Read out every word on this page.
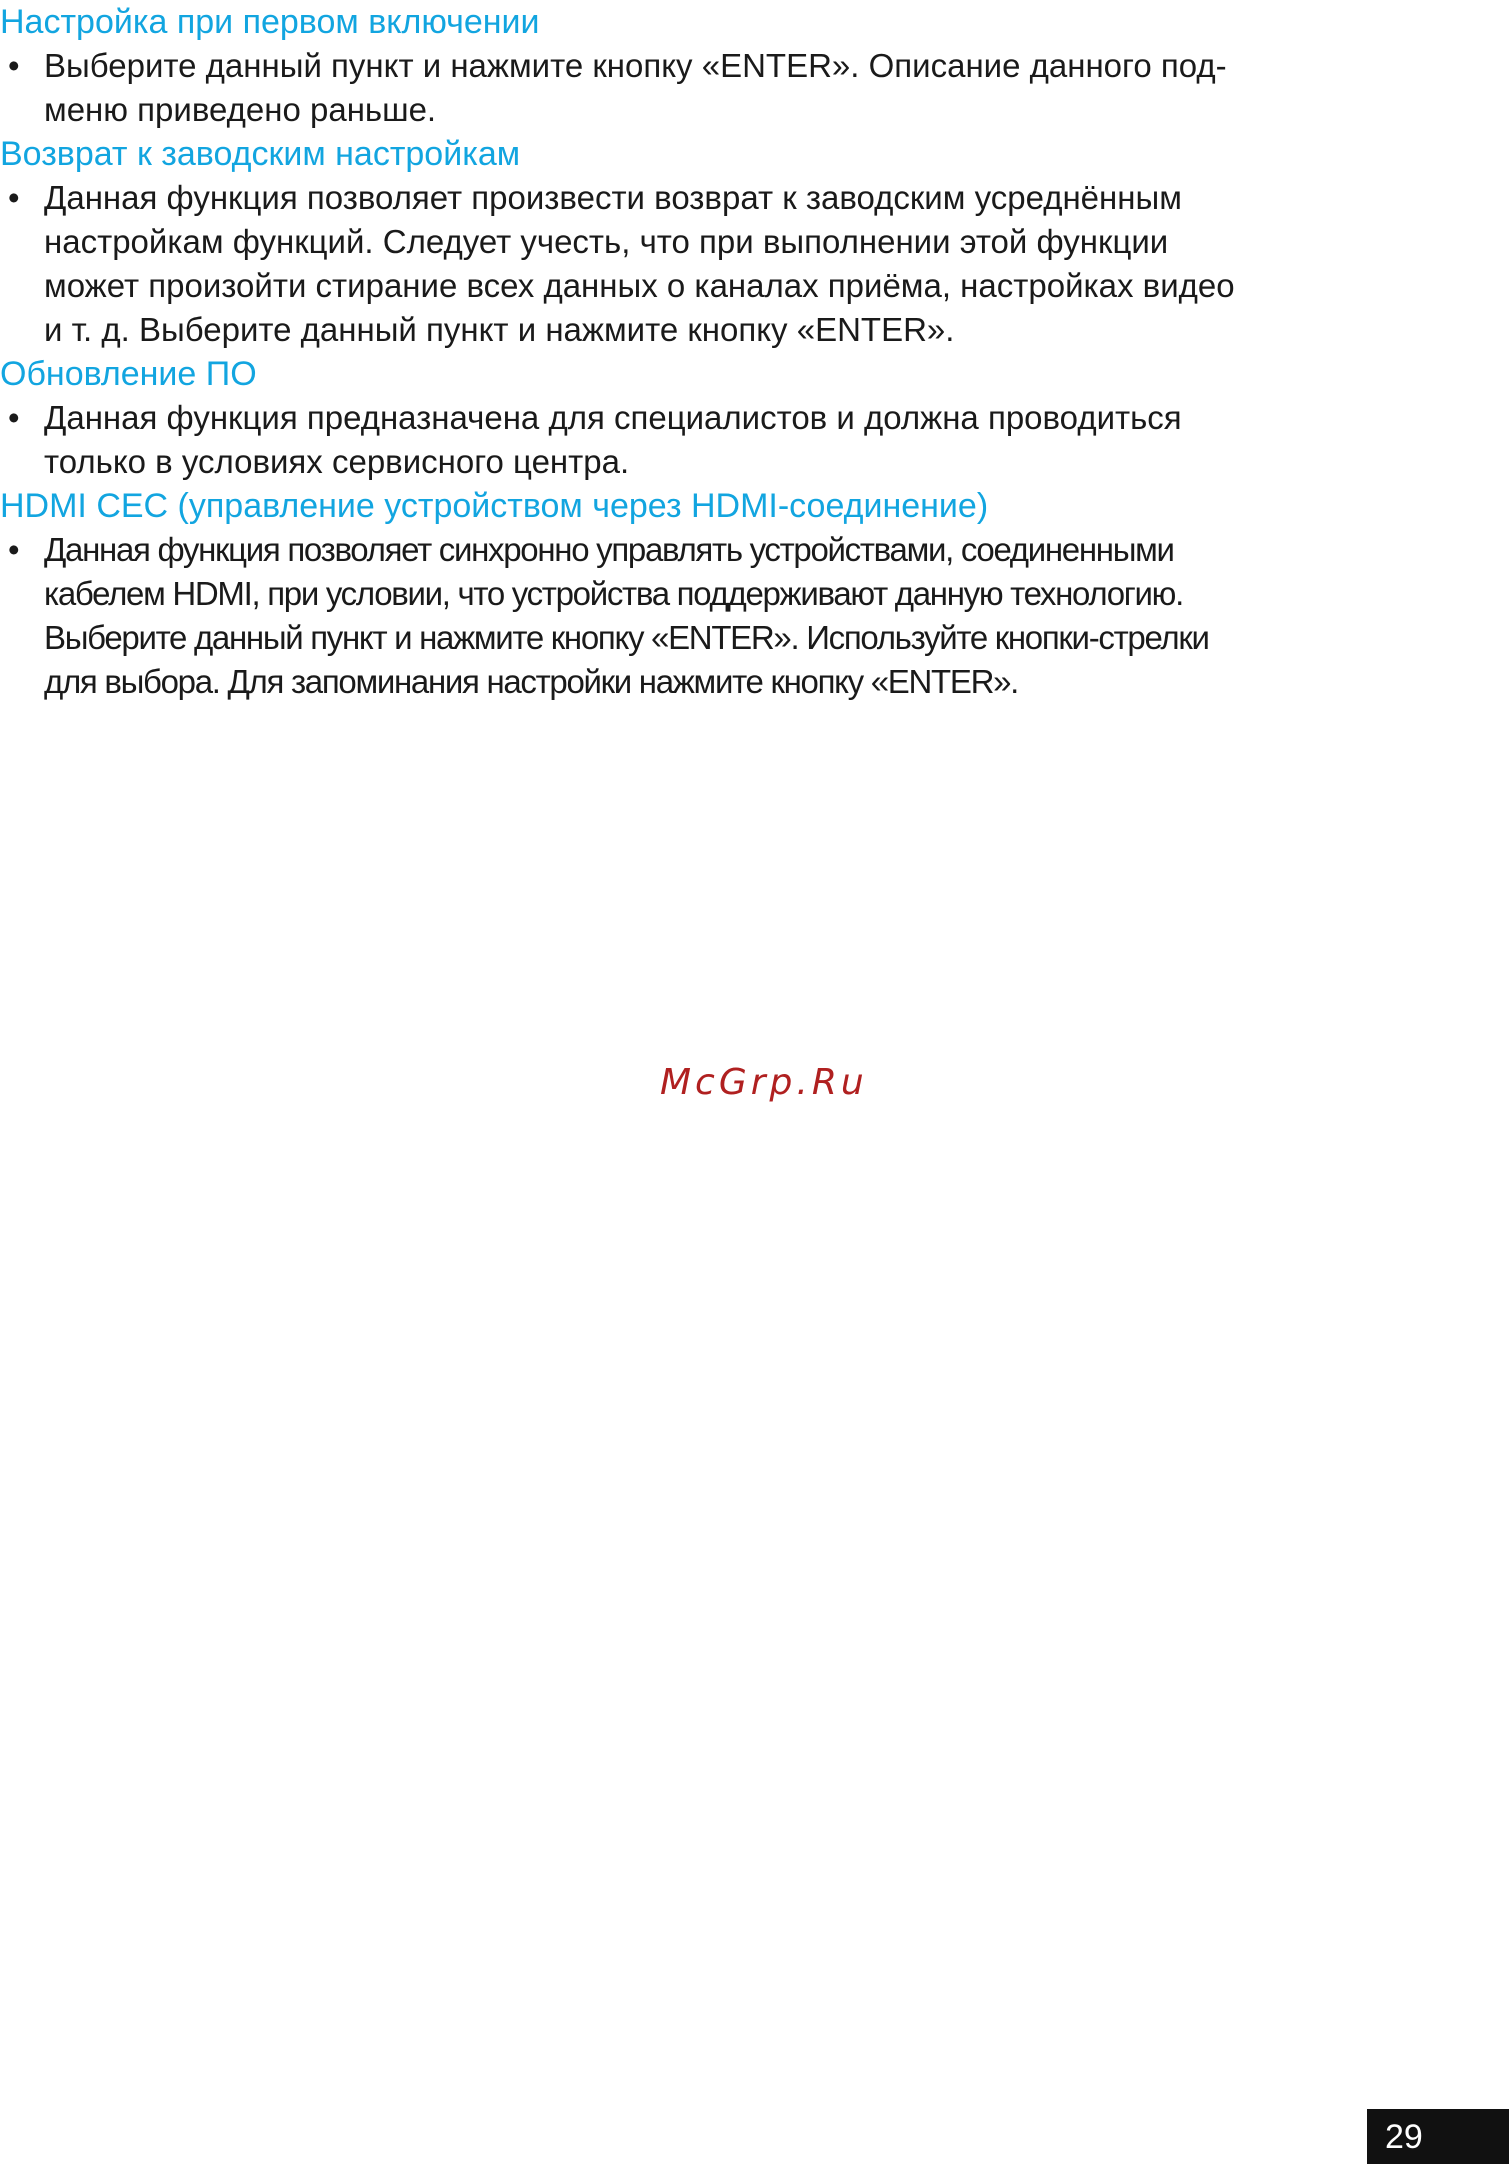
Настройка при первом включении
• Выберите данный пункт и нажмите кнопку «ENTER». Описание данного под-
меню приведено раньше.
Возврат к заводским настройкам
• Данная функция позволяет произвести возврат к заводским усреднённым
настройкам функций. Следует учесть, что при выполнении этой функции
может произойти стирание всех данных о каналах приёма, настройках видео
и т. д. Выберите данный пункт и нажмите кнопку «ENTER».
Обновление ПО
• Данная функция предназначена для специалистов и должна проводиться
только в условиях сервисного центра.
HDMI CEC (управление устройством через HDMI-соединение)
• Данная функция позволяет синхронно управлять устройствами, соединенными
кабелем HDMI, при условии, что устройства поддерживают данную технологию.
Выберите данный пункт и нажмите кнопку «ENTER». Используйте кнопки-стрелки
для выбора. Для запоминания настройки нажмите кнопку «ENTER».
McGrp.Ru
29
